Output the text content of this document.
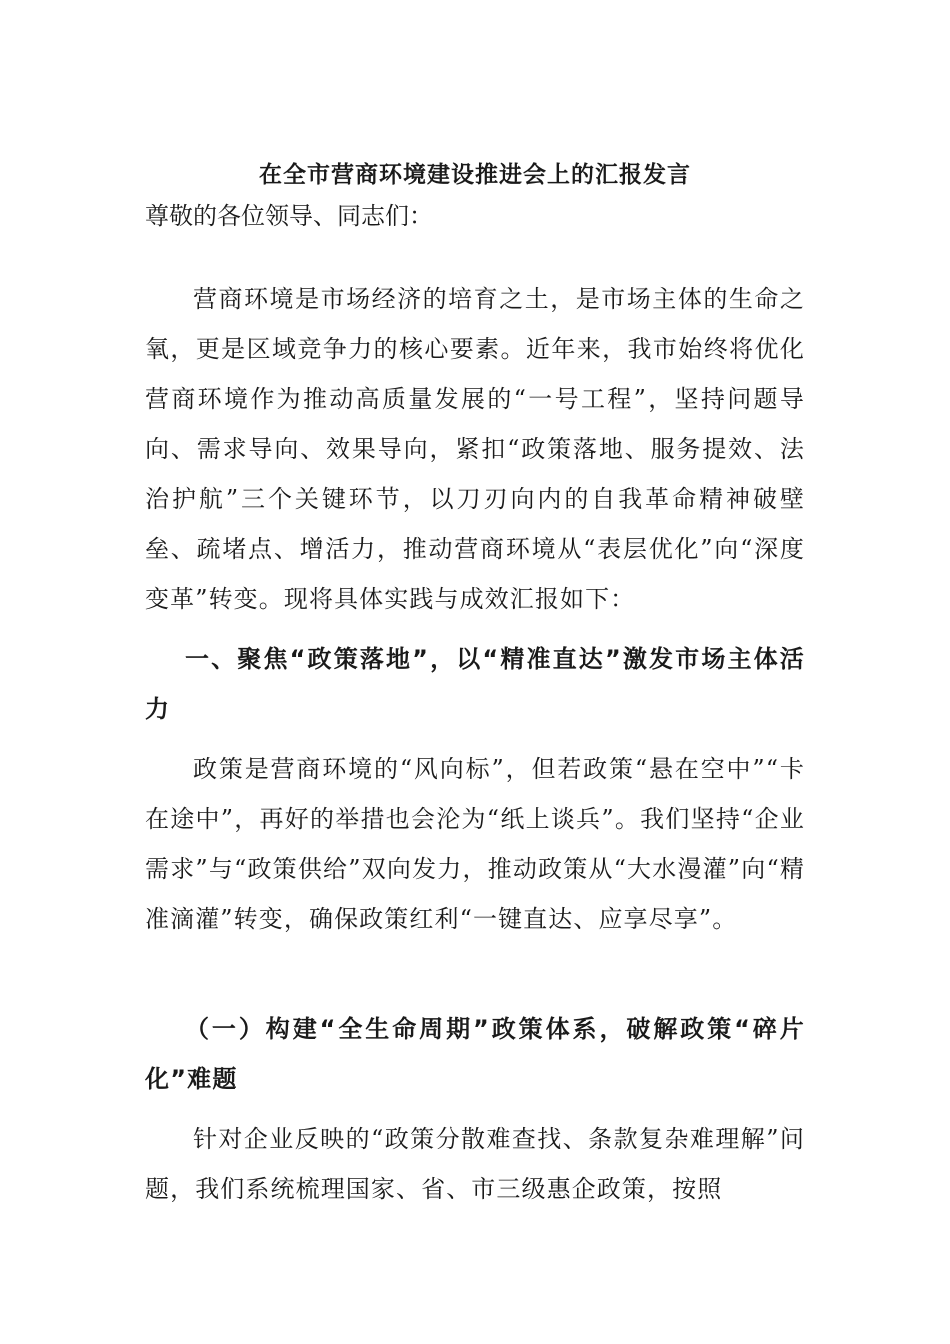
在全市营商环境建设推进会上的汇报发言

尊敬的各位领导、同志们：

营商环境是市场经济的培育之土，是市场主体的生命之氧，更是区域竞争力的核心要素。近年来，我市始终将优化营商环境作为推动高质量发展的“一号工程”，坚持问题导向、需求导向、效果导向，紧扣“政策落地、服务提效、法治护航”三个关键环节，以刀刃向内的自我革命精神破壁垒、疏堵点、增活力，推动营商环境从“表层优化”向“深度变革”转变。现将具体实践与成效汇报如下：

一、聚焦“政策落地”，以“精准直达”激发市场主体活力

政策是营商环境的“风向标”，但若政策“悬在空中”“卡在途中”，再好的举措也会沦为“纸上谈兵”。我们坚持“企业需求”与“政策供给”双向发力，推动政策从“大水漫灌”向“精准滴灌”转变，确保政策红利“一键直达、应享尽享”。

（一）构建“全生命周期”政策体系，破解政策“碎片化”难题

针对企业反映的“政策分散难查找、条款复杂难理解”问题，我们系统梳理国家、省、市三级惠企政策，按照
